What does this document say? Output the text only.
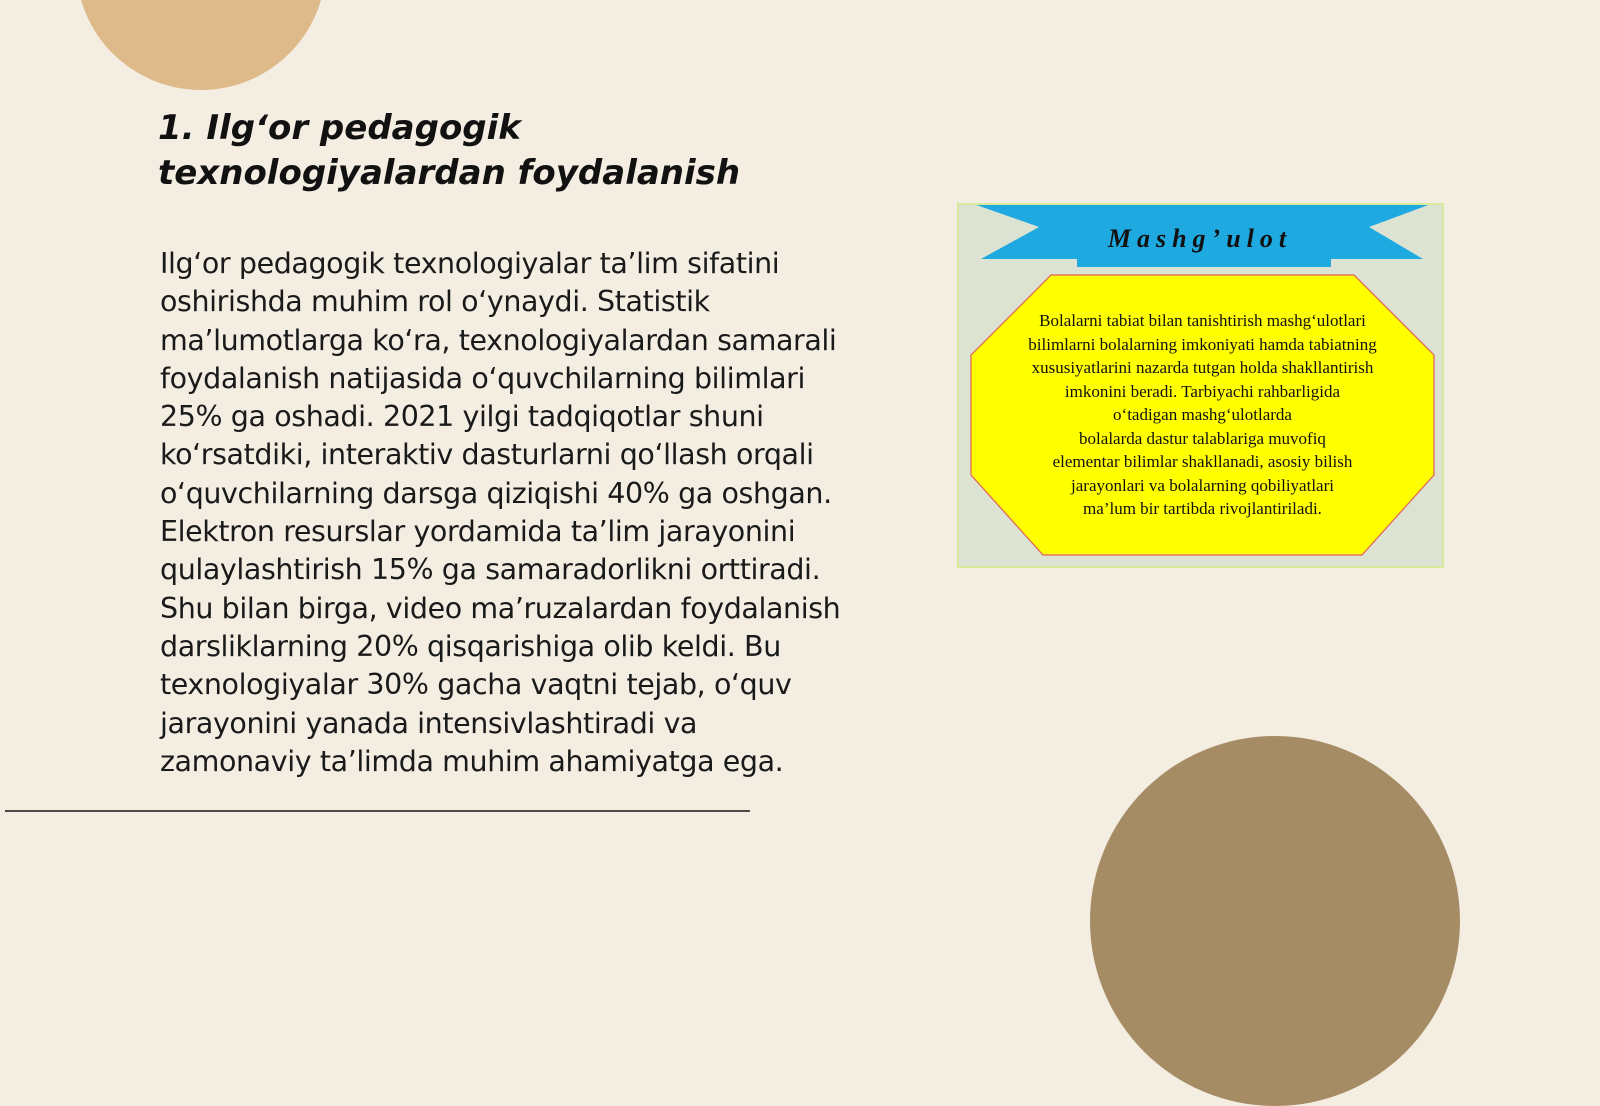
1. Ilg‘or pedagogik texnologiyalardan foydalanish

Ilg‘or pedagogik texnologiyalar ta’lim sifatini oshirishda muhim rol o‘ynaydi. Statistik ma’lumotlarga ko‘ra, texnologiyalardan samarali foydalanish natijasida o‘quvchilarning bilimlari 25% ga oshadi. 2021 yilgi tadqiqotlar shuni ko‘rsatdiki, interaktiv dasturlarni qo‘llash orqali o‘quvchilarning darsga qiziqishi 40% ga oshgan. Elektron resurslar yordamida ta’lim jarayonini qulaylashtirish 15% ga samaradorlikni orttiradi. Shu bilan birga, video ma’ruzalardan foydalanish darsliklarning 20% qisqarishiga olib keldi. Bu texnologiyalar 30% gacha vaqtni tejab, o‘quv jarayonini yanada intensivlashtiradi va zamonaviy ta’limda muhim ahamiyatga ega.

Mashg’ulot
Bolalarni tabiat bilan tanishtirish mashg‘ulotlari
bilimlarni bolalarning imkoniyati hamda tabiatning
xususiyatlarini nazarda tutgan holda shakllantirish
imkonini beradi. Tarbiyachi rahbarligida
o‘tadigan mashg‘ulotlarda
bolalarda dastur talablariga muvofiq
elementar bilimlar shakllanadi, asosiy bilish
jarayonlari va bolalarning qobiliyatlari
ma’lum bir tartibda rivojlantiriladi.
